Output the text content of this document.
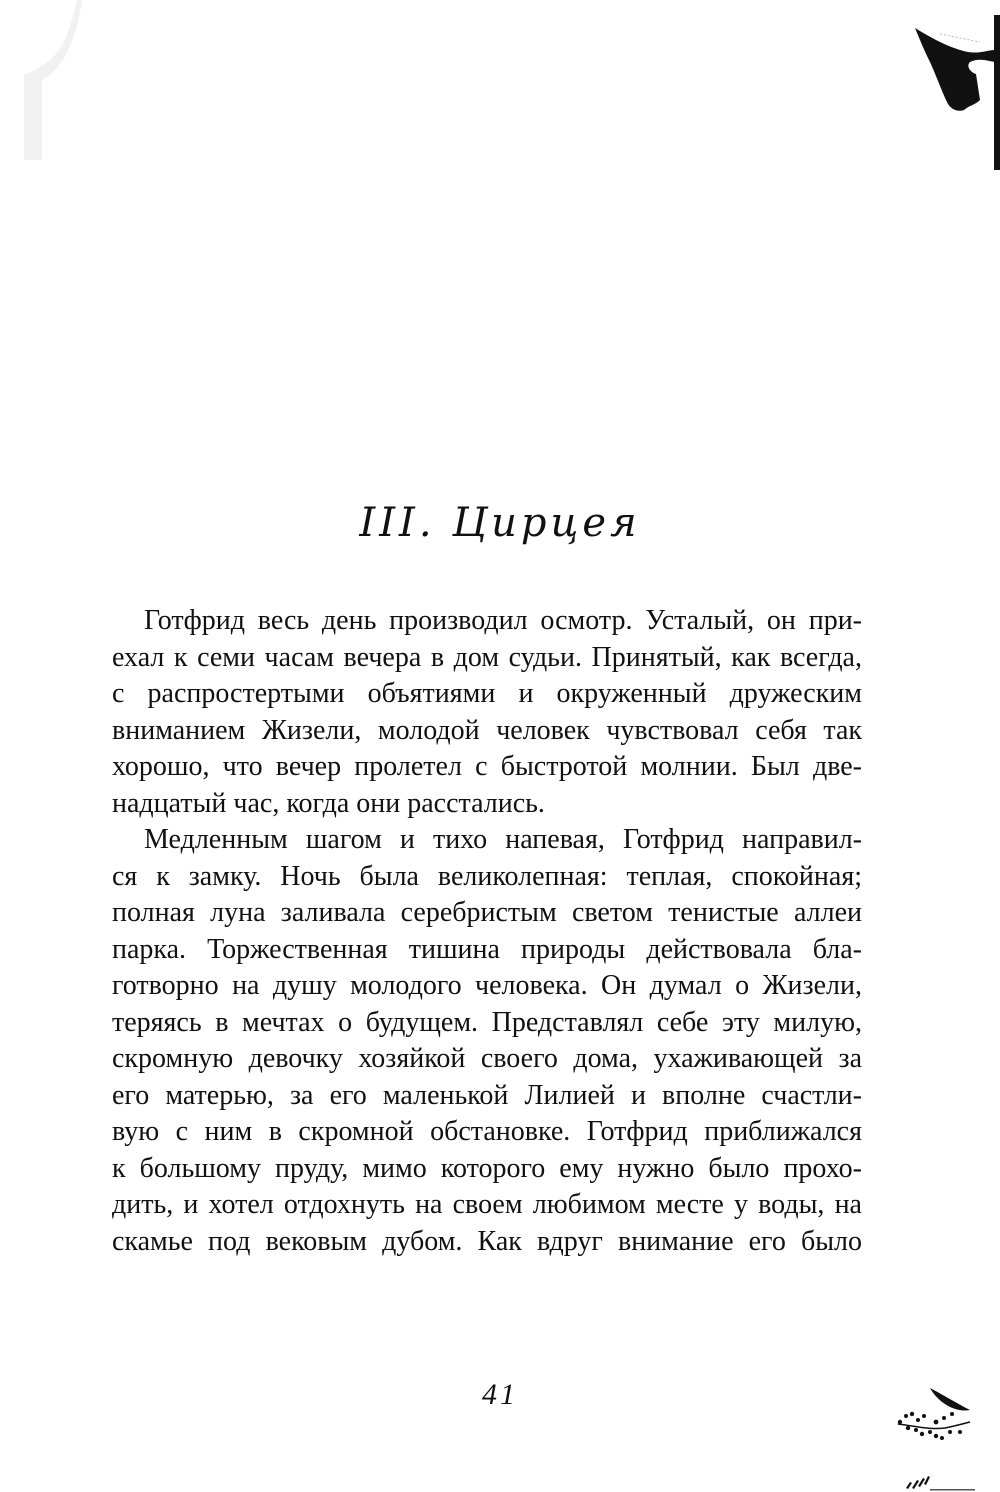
III. Цирцея
Готфрид весь день производил осмотр. Усталый, он при-
ехал к семи часам вечера в дом судьи. Принятый, как всегда,
с распростертыми объятиями и окруженный дружеским
вниманием Жизели, молодой человек чувствовал себя так
хорошо, что вечер пролетел с быстротой молнии. Был две-
надцатый час, когда они расстались.
Медленным шагом и тихо напевая, Готфрид направил-
ся к замку. Ночь была великолепная: теплая, спокойная;
полная луна заливала серебристым светом тенистые аллеи
парка. Торжественная тишина природы действовала бла-
готворно на душу молодого человека. Он думал о Жизели,
теряясь в мечтах о будущем. Представлял себе эту милую,
скромную девочку хозяйкой своего дома, ухаживающей за
его матерью, за его маленькой Лилией и вполне счастли-
вую с ним в скромной обстановке. Готфрид приближался
к большому пруду, мимо которого ему нужно было прохо-
дить, и хотел отдохнуть на своем любимом месте у воды, на
скамье под вековым дубом. Как вдруг внимание его было
41
